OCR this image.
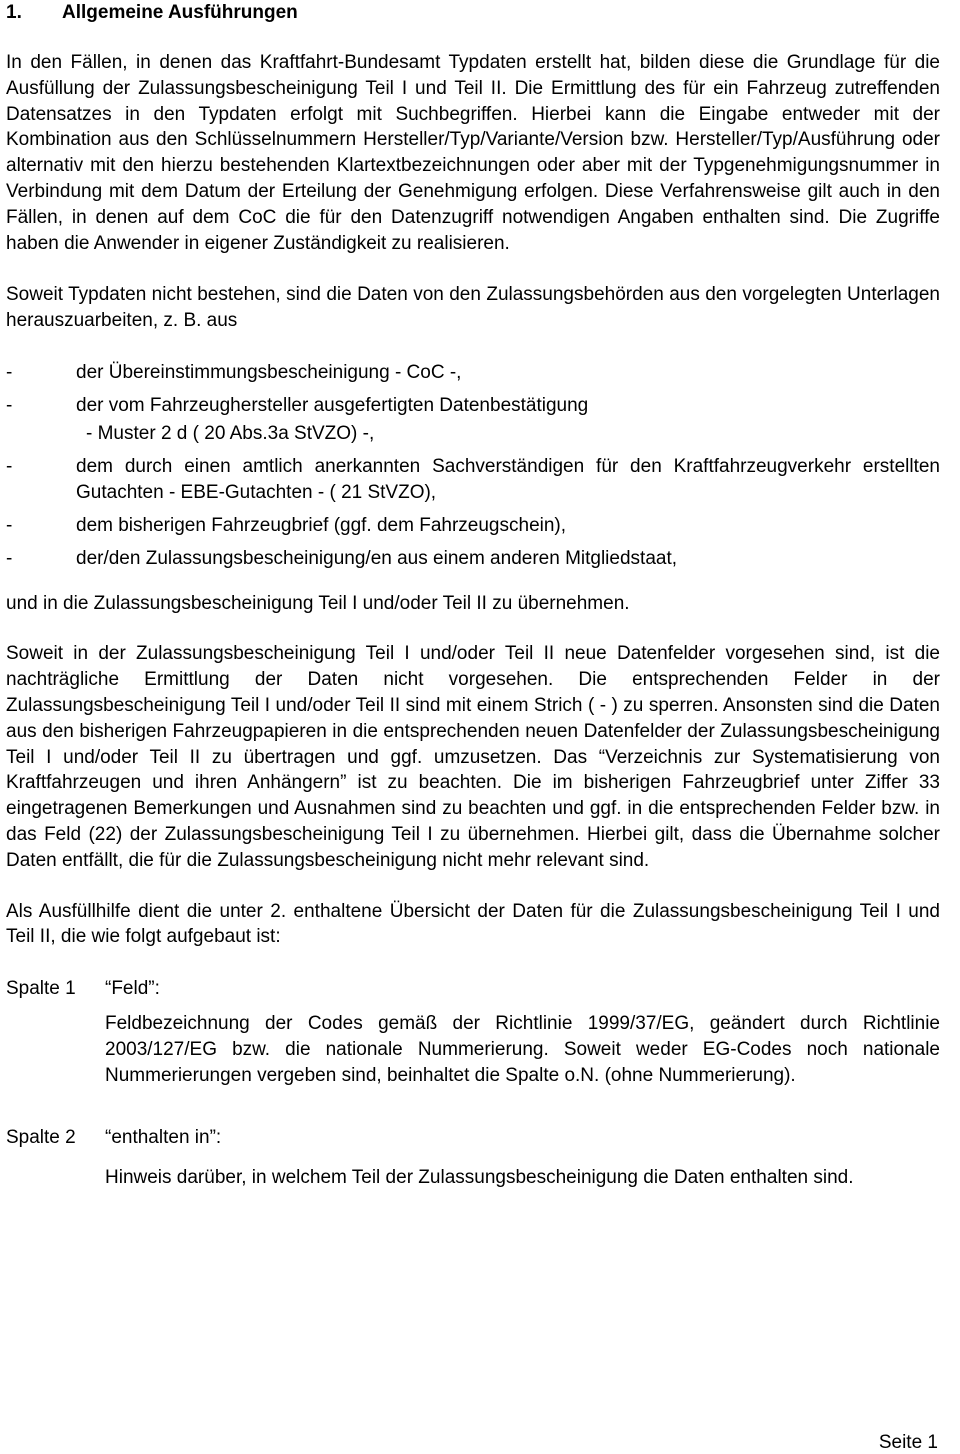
1.	Allgemeine Ausführungen

In den Fällen, in denen das Kraftfahrt-Bundesamt Typdaten erstellt hat, bilden diese die Grundlage für die Ausfüllung der Zulassungsbescheinigung Teil I und Teil II. Die Ermittlung des für ein Fahrzeug zutreffenden Datensatzes in den Typdaten erfolgt mit Suchbegriffen. Hierbei kann die Eingabe entweder mit der Kombination aus den Schlüsselnummern Hersteller/Typ/Variante/Version bzw. Hersteller/Typ/Ausführung oder alternativ mit den hierzu bestehenden Klartextbezeichnungen oder aber mit der Typgenehmigungsnummer in Verbindung mit dem Datum der Erteilung der Genehmigung erfolgen. Diese Verfahrensweise gilt auch in den Fällen, in denen auf dem CoC die für den Datenzugriff notwendigen Angaben enthalten sind. Die Zugriffe haben die Anwender in eigener Zuständigkeit zu realisieren.

Soweit Typdaten nicht bestehen, sind die Daten von den Zulassungsbehörden aus den vorgelegten Unterlagen herauszuarbeiten, z. B. aus

-	der Übereinstimmungsbescheinigung - CoC -,
-	der vom Fahrzeughersteller ausgefertigten Datenbestätigung
- Muster 2 d ( 20 Abs.3a StVZO) -,
-	dem durch einen amtlich anerkannten Sachverständigen für den Kraftfahrzeugverkehr erstellten Gutachten - EBE-Gutachten - ( 21 StVZO),
-	dem bisherigen Fahrzeugbrief (ggf. dem Fahrzeugschein),
-	der/den Zulassungsbescheinigung/en aus einem anderen Mitgliedstaat,

und in die Zulassungsbescheinigung Teil I und/oder Teil II zu übernehmen.

Soweit in der Zulassungsbescheinigung Teil I und/oder Teil II neue Datenfelder vorgesehen sind, ist die nachträgliche Ermittlung der Daten nicht vorgesehen. Die entsprechenden Felder in der Zulassungsbescheinigung Teil I und/oder Teil II sind mit einem Strich ( - ) zu sperren. Ansonsten sind die Daten aus den bisherigen Fahrzeugpapieren in die entsprechenden neuen Datenfelder der Zulassungsbescheinigung Teil I und/oder Teil II zu übertragen und ggf. umzusetzen. Das “Verzeichnis zur Systematisierung von Kraftfahrzeugen und ihren Anhängern” ist zu beachten. Die im bisherigen Fahrzeugbrief unter Ziffer 33 eingetragenen Bemerkungen und Ausnahmen sind zu beachten und ggf. in die entsprechenden Felder bzw. in das Feld (22) der Zulassungsbescheinigung Teil I zu übernehmen. Hierbei gilt, dass die Übernahme solcher Daten entfällt, die für die Zulassungsbescheinigung nicht mehr relevant sind.

Als Ausfüllhilfe dient die unter 2. enthaltene Übersicht der Daten für die Zulassungsbescheinigung Teil I und Teil II, die wie folgt aufgebaut ist:

Spalte 1	“Feld”:

Feldbezeichnung der Codes gemäß der Richtlinie 1999/37/EG, geändert durch Richtlinie 2003/127/EG bzw. die nationale Nummerierung. Soweit weder EG-Codes noch nationale Nummerierungen vergeben sind, beinhaltet die Spalte o.N. (ohne Nummerierung).

Spalte 2	“enthalten in”:

Hinweis darüber, in welchem Teil der Zulassungsbescheinigung die Daten enthalten sind.

Seite 1
